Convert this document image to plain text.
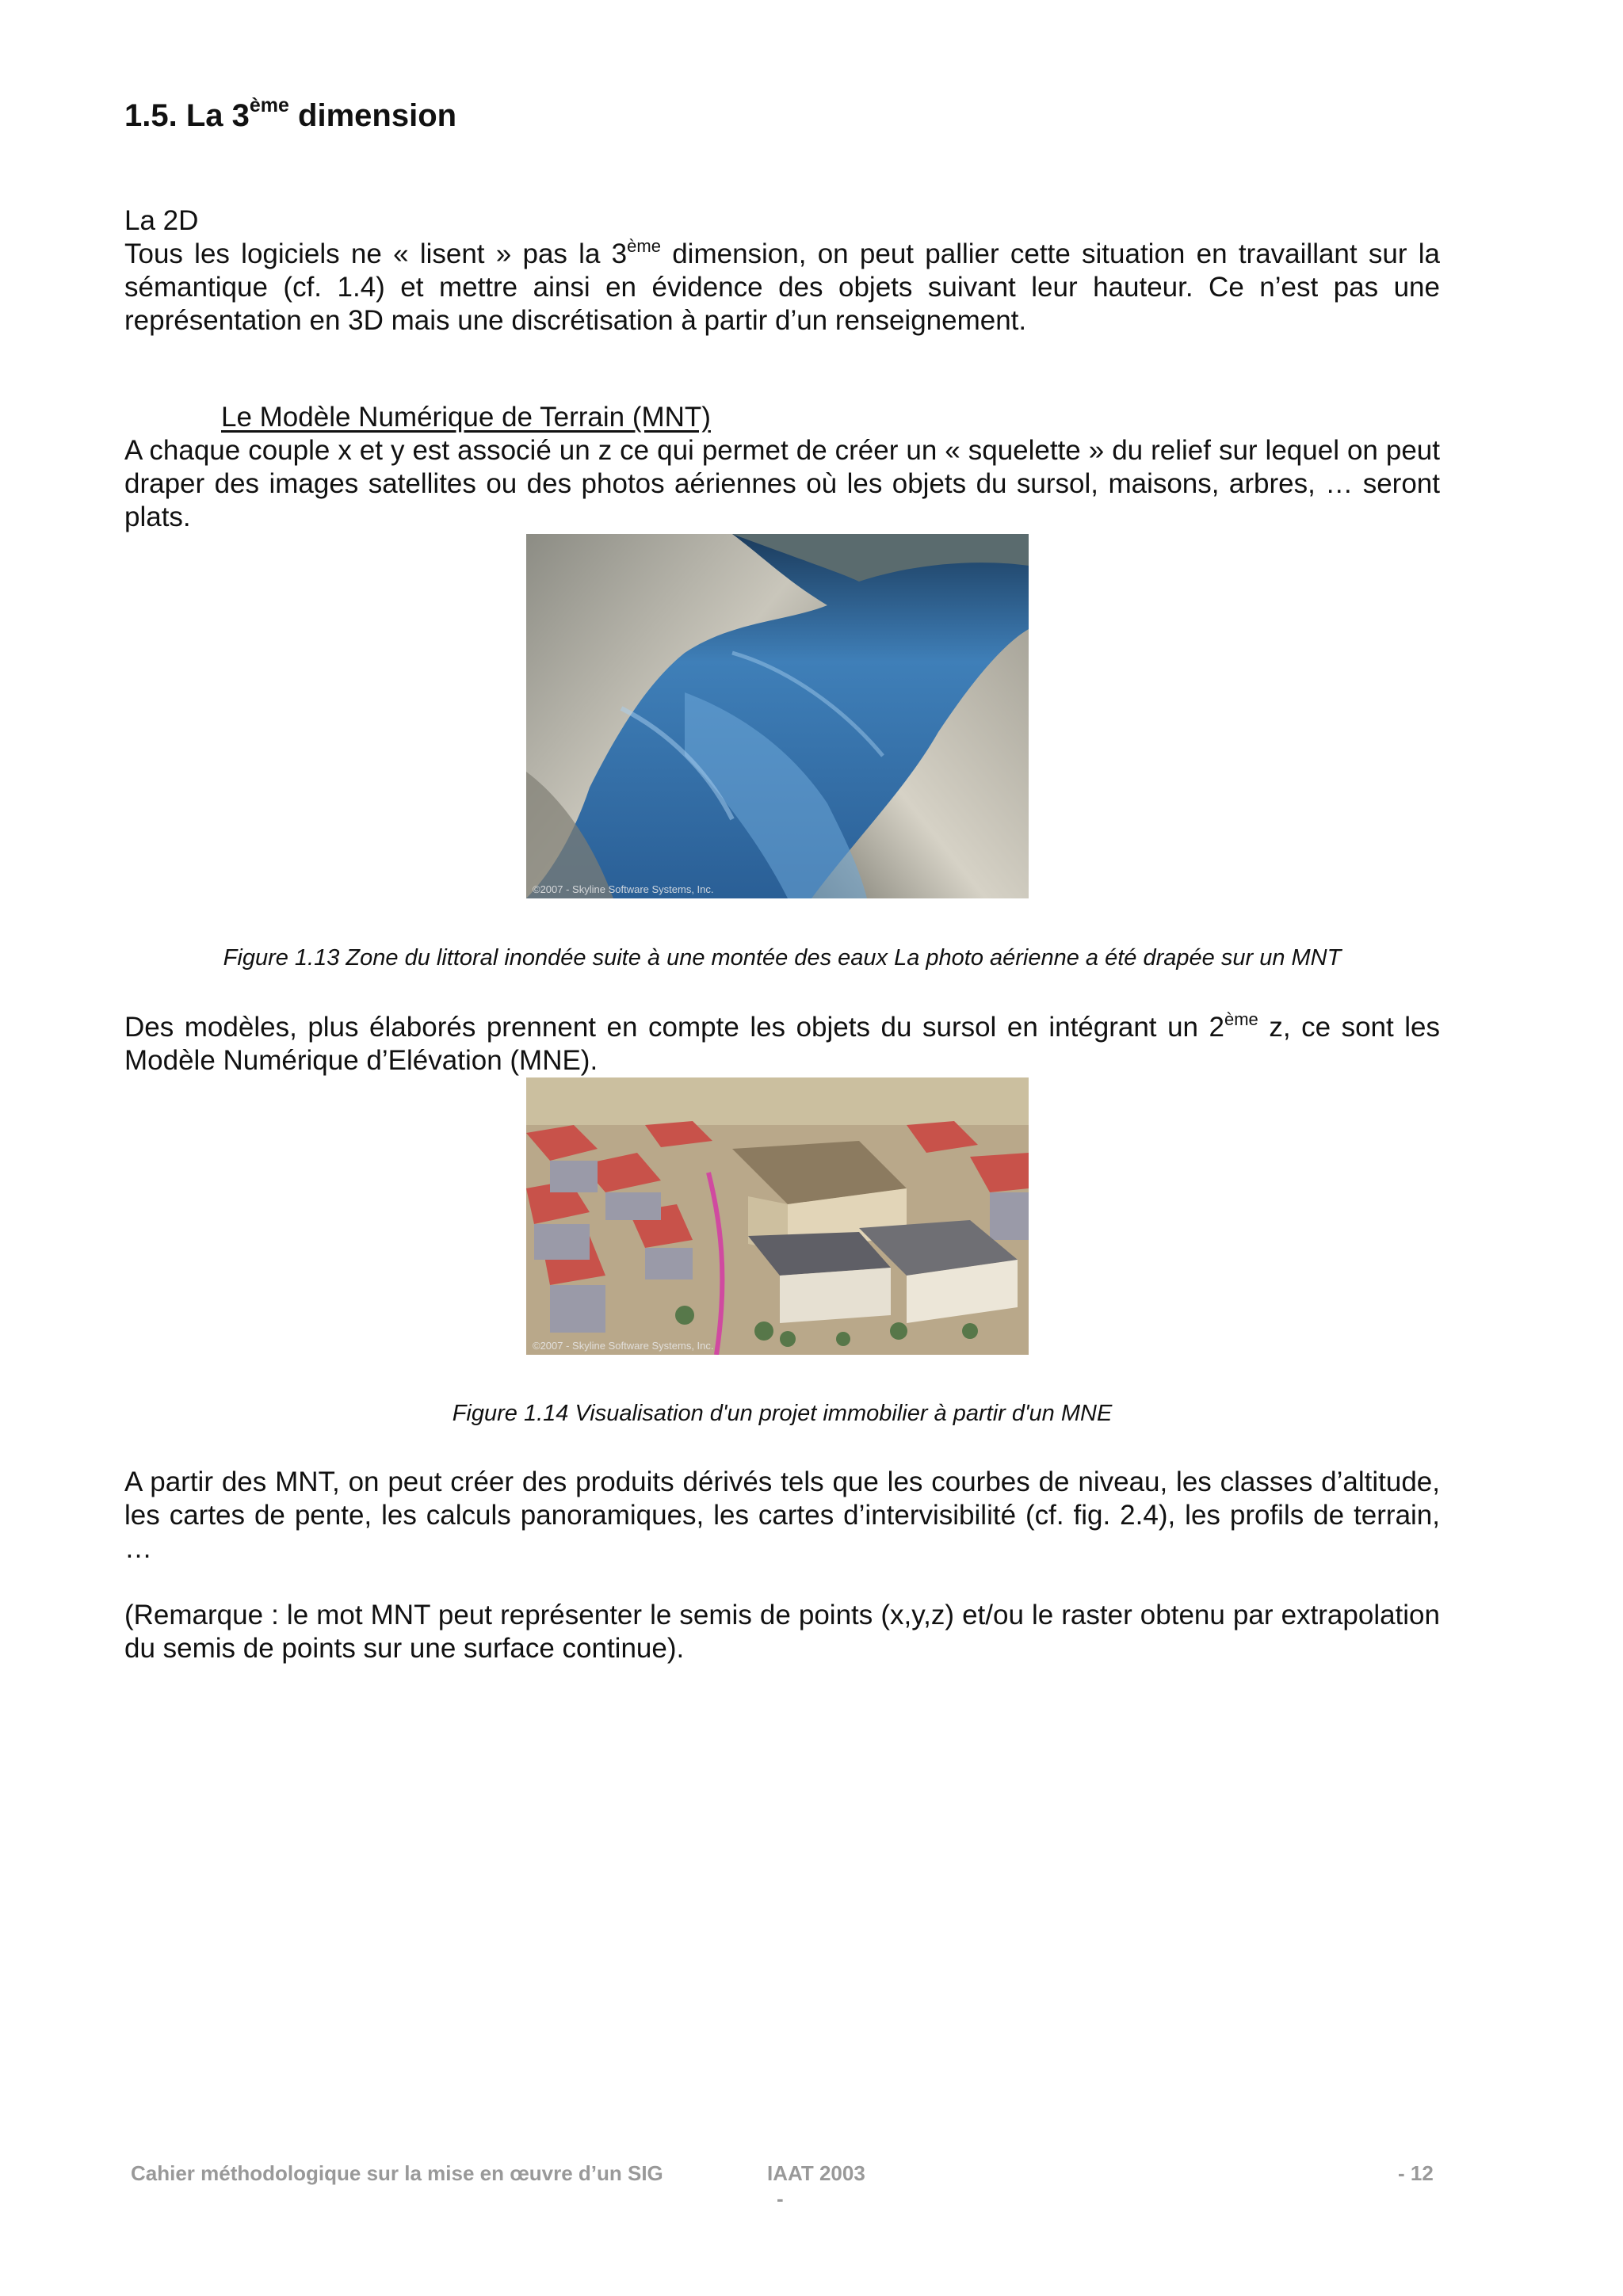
1.5. La 3ème dimension

La 2D

Tous les logiciels ne « lisent » pas la 3ème dimension, on peut pallier cette situation en travaillant sur la sémantique (cf. 1.4) et mettre ainsi en évidence des objets suivant leur hauteur. Ce n’est pas une représentation en 3D mais une discrétisation à partir d’un renseignement.

Le Modèle Numérique de Terrain (MNT)

A chaque couple x et y est associé un z ce qui permet de créer un « squelette » du relief sur lequel on peut draper des images satellites ou des photos aériennes où les objets du sursol, maisons, arbres, … seront plats.

©2007 - Skyline Software Systems, Inc.
Figure 1.13 Zone du littoral inondée suite à une montée des eaux La photo aérienne a été drapée sur un MNT

Des modèles, plus élaborés prennent en compte les objets du sursol en intégrant un 2ème z, ce sont les Modèle Numérique d’Elévation (MNE).

©2007 - Skyline Software Systems, Inc.
Figure 1.14 Visualisation d'un projet immobilier à partir d'un MNE

A partir des MNT, on peut créer des produits dérivés tels que les courbes de niveau, les classes d’altitude, les cartes de pente, les calculs panoramiques, les cartes d’intervisibilité (cf. fig. 2.4), les profils de terrain, …

(Remarque : le mot MNT peut représenter le semis de points (x,y,z) et/ou le raster obtenu par extrapolation du semis de points sur une surface continue).

Cahier méthodologique sur la mise en œuvre d’un SIG	IAAT 2003
-
- 12
